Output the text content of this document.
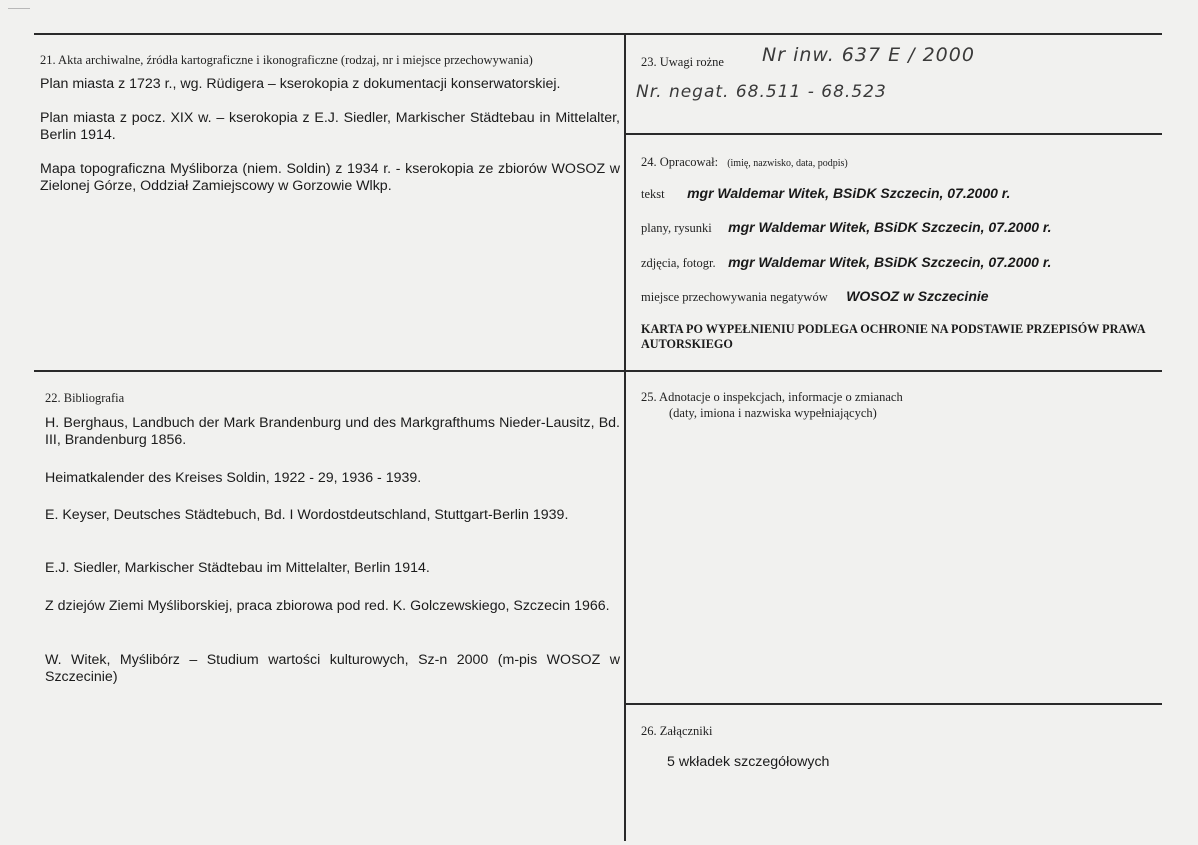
21. Akta archiwalne, źródła kartograficzne i ikonograficzne (rodzaj, nr i miejsce przechowywania)
Plan miasta z 1723 r., wg. Rüdigera – kserokopia z dokumentacji konserwatorskiej.
Plan miasta z pocz. XIX w. – kserokopia z E.J. Siedler, Markischer Städtebau in Mittelalter, Berlin 1914.
Mapa topograficzna Myśliborza (niem. Soldin) z 1934 r. - kserokopia ze zbiorów WOSOZ w Zielonej Górze, Oddział Zamiejscowy w Gorzowie Wlkp.
22. Bibliografia
H. Berghaus, Landbuch der Mark Brandenburg und des Markgrafthums Nieder-Lausitz, Bd. III, Brandenburg 1856.
Heimatkalender des Kreises Soldin, 1922 - 29, 1936 - 1939.
E. Keyser, Deutsches Städtebuch, Bd. I Wordostdeutschland, Stuttgart-Berlin 1939.
E.J. Siedler, Markischer Städtebau im Mittelalter, Berlin 1914.
Z dziejów Ziemi Myśliborskiej, praca zbiorowa pod red. K. Golczewskiego, Szczecin 1966.
W. Witek, Myślibórz – Studium wartości kulturowych, Sz-n 2000 (m-pis WOSOZ w Szczecinie)
23. Uwagi rożne Nr inw. 637 E / 2000
Nr. negat. 68.511 - 68.523
24. Opracował: (imię, nazwisko, data, podpis)
tekst mgr Waldemar Witek, BSiDK Szczecin, 07.2000 r.
plany, rysunki mgr Waldemar Witek, BSiDK Szczecin, 07.2000 r.
zdjęcia, fotogr. mgr Waldemar Witek, BSiDK Szczecin, 07.2000 r.
miejsce przechowywania negatywów WOSOZ w Szczecinie
KARTA PO WYPEŁNIENIU PODLEGA OCHRONIE NA PODSTAWIE PRZEPISÓW PRAWA AUTORSKIEGO
25. Adnotacje o inspekcjach, informacje o zmianach
(daty, imiona i nazwiska wypełniających)
26. Załączniki
5 wkładek szczegółowych
